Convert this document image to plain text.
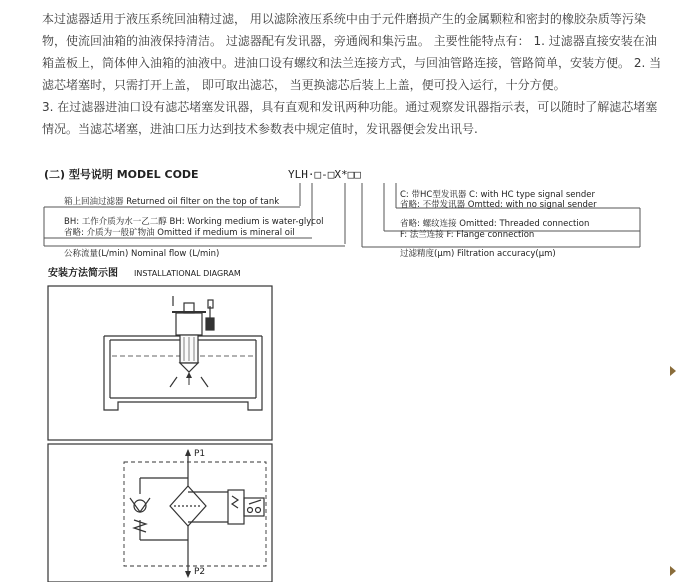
本过滤器适用于液压系统回油精过滤， 用以滤除液压系统中由于元件磨损产生的金属颗粒和密封的橡胶杂质等污染物，使流回油箱的油液保持清洁。 过滤器配有发讯器，旁通阀和集污盅。 主要性能特点有： 1. 过滤器直接安装在油箱盖板上，筒体伸入油箱的油液中。进油口设有螺纹和法兰连接方式，与回油管路连接，管路简单，安装方便。 2. 当滤芯堵塞时，只需打开上盖， 即可取出滤芯， 当更换滤芯后装上上盖，便可投入运行，十分方便。

3. 在过滤器进油口设有滤芯堵塞发讯器，具有直观和发讯两种功能。通过观察发讯器指示表，可以随时了解滤芯堵塞情况。当滤芯堵塞，进油口压力达到技术参数表中规定值时，发讯器便会发出讯号.

(二) 型号说明 MODEL CODE	YLH·□-□X*□□
箱上回油过滤器 Returned oil filter on the top of tank
BH: 工作介质为水一乙二醇 BH: Working medium is water-glycol
省略: 介质为一般矿物油 Omitted if medium is mineral oil
公称流量(L/min) Nominal flow (L/min)
C: 带HC型发讯器 C: with HC type signal sender
省略: 不带发讯器 Omtted: with no signal sender
省略: 螺纹连接 Omitted: Threaded connection
F: 法兰连接 F: Flange connection
过滤精度(μm) Filtration accuracy(μm)
安装方法简示图 INSTALLATIONAL DIAGRAM
P1
P2
